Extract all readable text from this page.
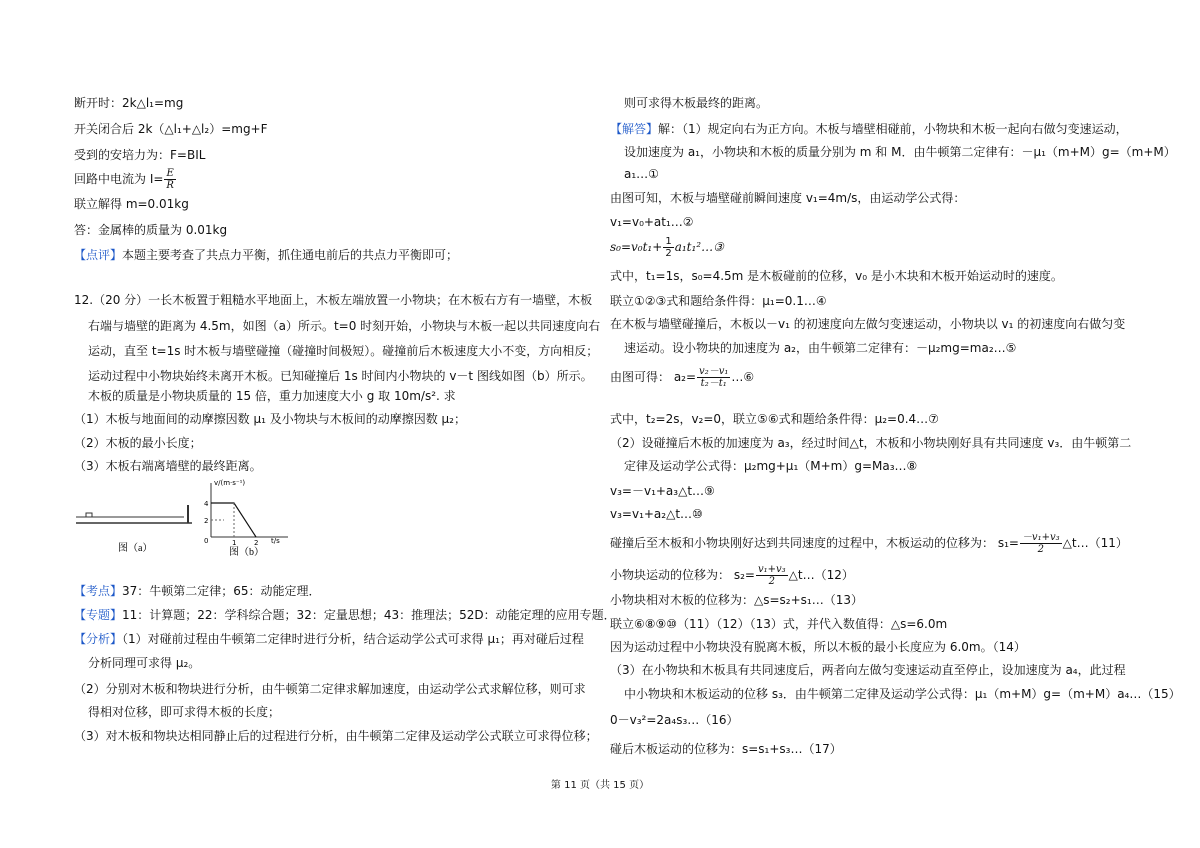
断开时：2k△l₁=mg
开关闭合后 2k（△l₁+△l₂）=mg+F
受到的安培力为：F=BIL
回路中电流为 $I= \frac{E}{R}$
联立解得 m=0.01kg
答：金属棒的质量为 0.01kg
【点评】本题主要考查了共点力平衡，抓住通电前后的共点力平衡即可；
12.（20 分）一长木板置于粗糙水平地面上，木板左端放置一小物块；在木板右方有一墙壁，木板
右端与墙壁的距离为 4.5m，如图（a）所示。t=0 时刻开始，小物块与木板一起以共同速度向右
运动，直至 t=1s 时木板与墙壁碰撞（碰撞时间极短）。碰撞前后木板速度大小不变，方向相反；
运动过程中小物块始终未离开木板。已知碰撞后 1s 时间内小物块的 v－t 图线如图（b）所示。
木板的质量是小物块质量的 15 倍，重力加速度大小 g 取 10m/s². 求
（1）木板与地面间的动摩擦因数 μ₁ 及小物块与木板间的动摩擦因数 μ₂；
（2）木板的最小长度；
（3）木板右端离墙壁的最终距离。
图（a）
v/(m·s⁻¹)
4
2
0	1	2 t/s
图（b）
【考点】37：牛顿第二定律；65：动能定理．
【专题】11：计算题；22：学科综合题；32：定量思想；43：推理法；52D：动能定理的应用专题．
【分析】（1）对碰前过程由牛顿第二定律时进行分析，结合运动学公式可求得 μ₁；再对碰后过程
分析同理可求得 μ₂。
（2）分别对木板和物块进行分析，由牛顿第二定律求解加速度，由运动学公式求解位移，则可求
得相对位移，即可求得木板的长度；
（3）对木板和物块达相同静止后的过程进行分析，由牛顿第二定律及运动学公式联立可求得位移；
则可求得木板最终的距离。
【解答】解：（1）规定向右为正方向。木板与墙壁相碰前，小物块和木板一起向右做匀变速运动，
设加速度为 a₁，小物块和木板的质量分别为 m 和 M．由牛顿第二定律有：－μ₁（m+M）g=（m+M）
a₁…①
由图可知，木板与墙壁碰前瞬间速度 v₁=4m/s，由运动学公式得：
v₁=v₀+at₁…②
$s_0=v_0t_1+ \frac{1}{2}$ a₁t₁²…③
式中，t₁=1s，s₀=4.5m 是木板碰前的位移，v₀ 是小木块和木板开始运动时的速度。
联立①②③式和题给条件得：μ₁=0.1…④
在木板与墙壁碰撞后，木板以－v₁ 的初速度向左做匀变速运动，小物块以 v₁ 的初速度向右做匀变
速运动。设小物块的加速度为 a₂，由牛顿第二定律有：－μ₂mg=ma₂…⑤
由图可得： $a_2= \frac{\text{v₂－v₁}}{\text{t₂－t₁}}$ …⑥
式中，t₂=2s，v₂=0，联立⑤⑥式和题给条件得：μ₂=0.4…⑦
（2）设碰撞后木板的加速度为 a₃，经过时间△t，木板和小物块刚好具有共同速度 v₃．由牛顿第二
定律及运动学公式得：μ₂mg+μ₁（M+m）g=Ma₃…⑧
v₃=－v₁+a₃△t…⑨
v₃=v₁+a₂△t…⑩
碰撞后至木板和小物块刚好达到共同速度的过程中，木板运动的位移为： $s_1= \frac{\text{－v₁+v₃}}{2}$ △t…（11）
小物块运动的位移为： $s_2= \frac{\text{v₁+v₃}}{2}$ △t…（12）
小物块相对木板的位移为：△s=s₂+s₁…（13）
联立⑥⑧⑨⑩（11）（12）（13）式，并代入数值得：△s=6.0m
因为运动过程中小物块没有脱离木板，所以木板的最小长度应为 6.0m。（14）
（3）在小物块和木板具有共同速度后，两者向左做匀变速运动直至停止，设加速度为 a₄，此过程
中小物块和木板运动的位移 s₃．由牛顿第二定律及运动学公式得：μ₁（m+M）g=（m+M）a₄…（15）
0－v₃²=2a₄s₃…（16）
碰后木板运动的位移为：s=s₁+s₃…（17）
第 11 页（共 15 页）
